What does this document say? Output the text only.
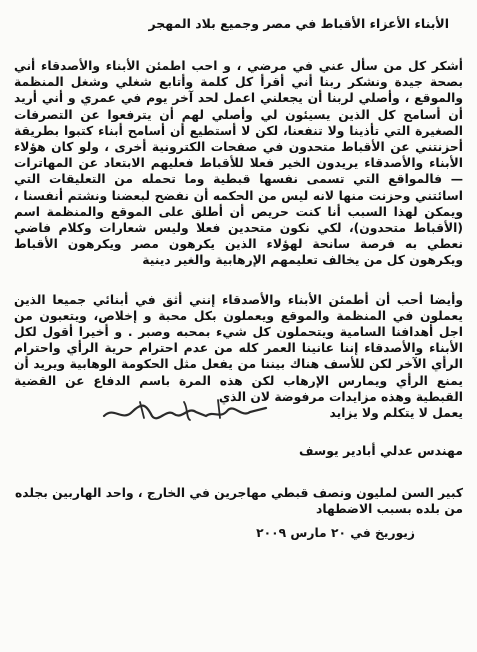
الأبناء الأعزاء الأقباط في مصر وجميع بلاد المهجر

أشكر كل من سأل عني في مرضي ، و احب اطمئن الأبناء والأصدقاء أني بصحة جيدة ونشكر ربنا أني أقرأ كل كلمة وأتابع شغلي وشغل المنظمة والموقع ، وأصلي لربنا أن يجعلني اعمل لحد آخر يوم في عمري و أني أريد أن أسامح كل الذين يسيئون لي وأصلي لهم أن يترفعوا عن التصرفات الصغيرة التي تأذينا ولا تنفعنا، لكن لا أستطيع أن أسامح أبناء كتبوا بطريقة أحزنتني عن الأقباط متحدون في صفحات الكترونية أخرى ، ولو كان هؤلاء الأبناء والأصدقاء يريدون الخير فعلا للأقباط فعليهم الابتعاد عن المهاترات — فالمواقع التي تسمى نفسها قبطية وما تحمله من التعليقات التي اسائتني وحزنت منها لانه ليس من الحكمه أن نفضح لبعضنا ونشتم أنفسنا ، ويمكن لهذا السبب أنا كنت حريص أن أطلق على الموقع والمنظمة اسم (الأقباط متحدون)، لكي نكون متحدين فعلا وليس شعارات وكلام فاضي نعطي به فرصة سانحة لهؤلاء الذين يكرهون مصر ويكرهون الأقباط ويكرهون كل من يخالف تعليمهم الإرهابية والغير دينية

وأيضا أحب أن أطمئن الأبناء والأصدقاء إنني أثق في أبنائي جميعا الذين يعملون في المنظمة والموقع ويعملون بكل محبة و إخلاص، ويتعبون من اجل أهدافنا السامية ويتحملون كل شيء بمحبه وصبر . و أخيرا أقول لكل الأبناء والأصدقاء إننا عانينا العمر كله من عدم احترام حرية الرأي واحترام الرأي الآخر لكن للأسف هناك بيننا من يفعل مثل الحكومة الوهابية ويريد أن يمنع الرأي ويمارس الإرهاب لكن هذه المرة باسم الدفاع عن القضية القبطية وهذه مزايدات مرفوضة لان الذي

يعمل لا يتكلم ولا يزايد
مهندس عدلي أبادير يوسف
كبير السن لمليون ونصف قبطي مهاجرين في الخارج ، واحد الهاربين بجلده من بلده بسبب الاضطهاد
زيوريخ في ٢٠ مارس ٢٠٠٩
